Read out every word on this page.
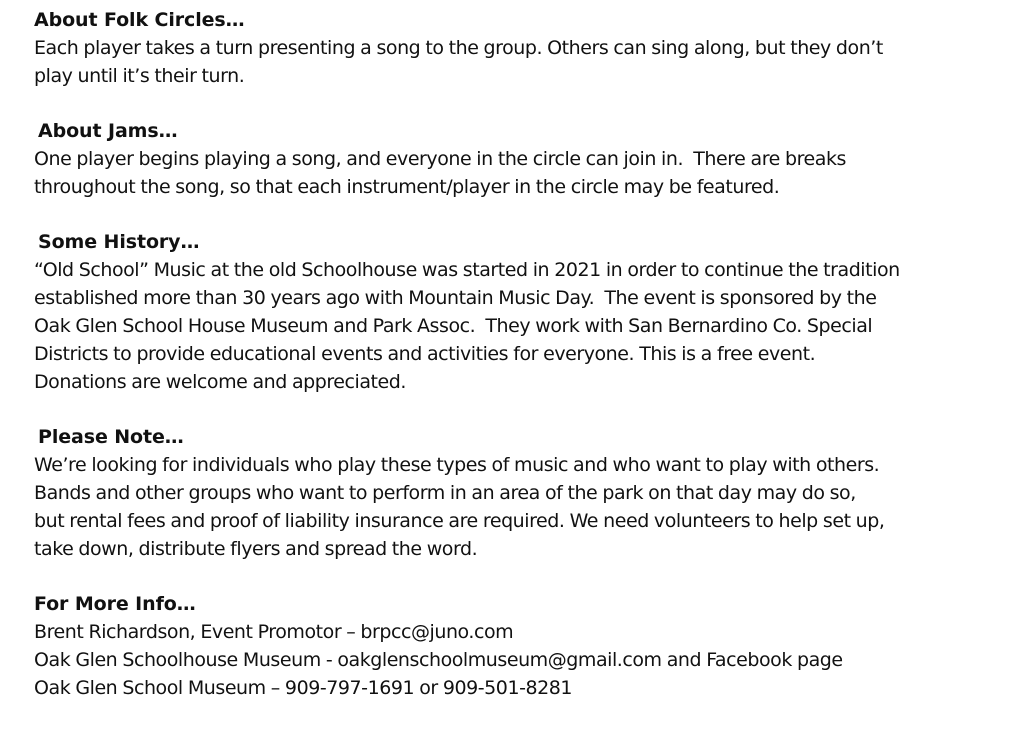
About Folk Circles…
Each player takes a turn presenting a song to the group. Others can sing along, but they don’t
play until it’s their turn.
About Jams…
One player begins playing a song, and everyone in the circle can join in.  There are breaks
throughout the song, so that each instrument/player in the circle may be featured.
Some History…
“Old School” Music at the old Schoolhouse was started in 2021 in order to continue the tradition
established more than 30 years ago with Mountain Music Day.  The event is sponsored by the
Oak Glen School House Museum and Park Assoc.  They work with San Bernardino Co. Special
Districts to provide educational events and activities for everyone. This is a free event.
Donations are welcome and appreciated.
Please Note…
We’re looking for individuals who play these types of music and who want to play with others.
Bands and other groups who want to perform in an area of the park on that day may do so,
but rental fees and proof of liability insurance are required. We need volunteers to help set up,
take down, distribute flyers and spread the word.
For More Info…
Brent Richardson, Event Promotor – brpcc@juno.com
Oak Glen Schoolhouse Museum - oakglenschoolmuseum@gmail.com and Facebook page
Oak Glen School Museum – 909-797-1691 or 909-501-8281
